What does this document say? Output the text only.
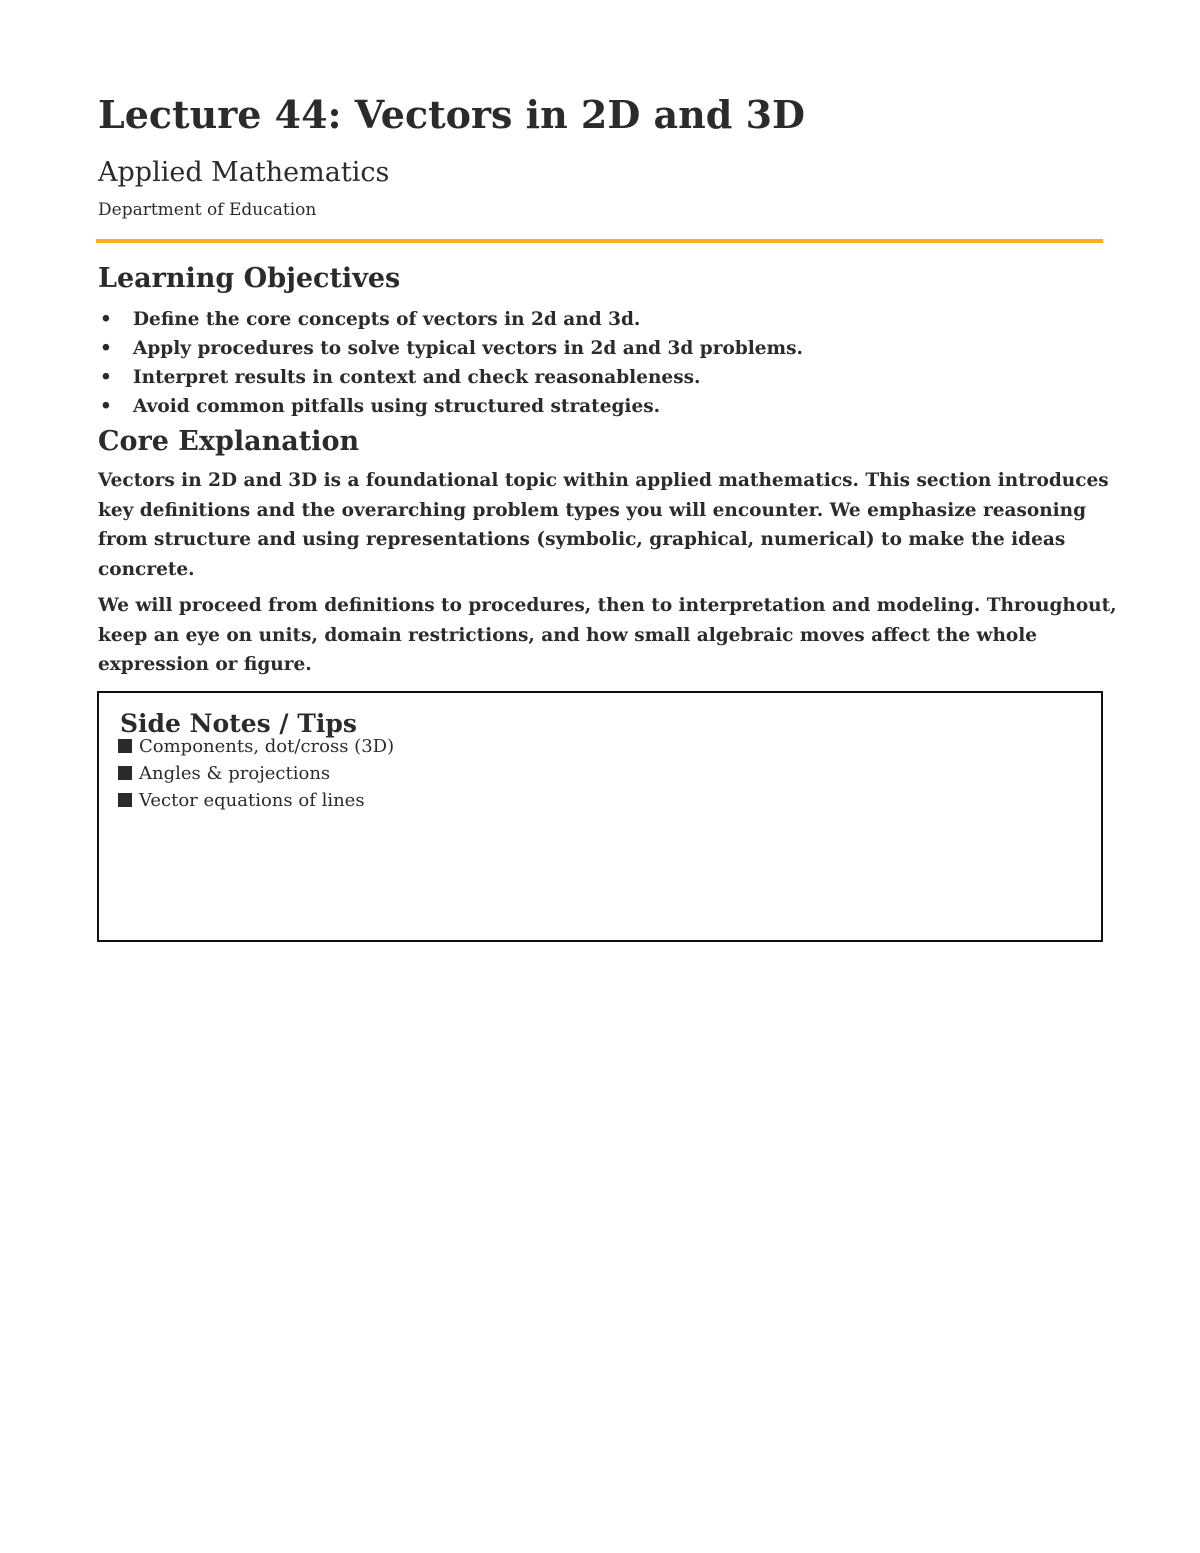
Lecture 44: Vectors in 2D and 3D
Applied Mathematics
Department of Education
Learning Objectives
• Define the core concepts of vectors in 2d and 3d.
• Apply procedures to solve typical vectors in 2d and 3d problems.
• Interpret results in context and check reasonableness.
• Avoid common pitfalls using structured strategies.
Core Explanation

Vectors in 2D and 3D is a foundational topic within applied mathematics. This section introduces key definitions and the overarching problem types you will encounter. We emphasize reasoning from structure and using representations (symbolic, graphical, numerical) to make the ideas concrete.

We will proceed from definitions to procedures, then to interpretation and modeling. Throughout, keep an eye on units, domain restrictions, and how small algebraic moves affect the whole expression or figure.

Side Notes / Tips
Components, dot/cross (3D)
Angles & projections
Vector equations of lines
